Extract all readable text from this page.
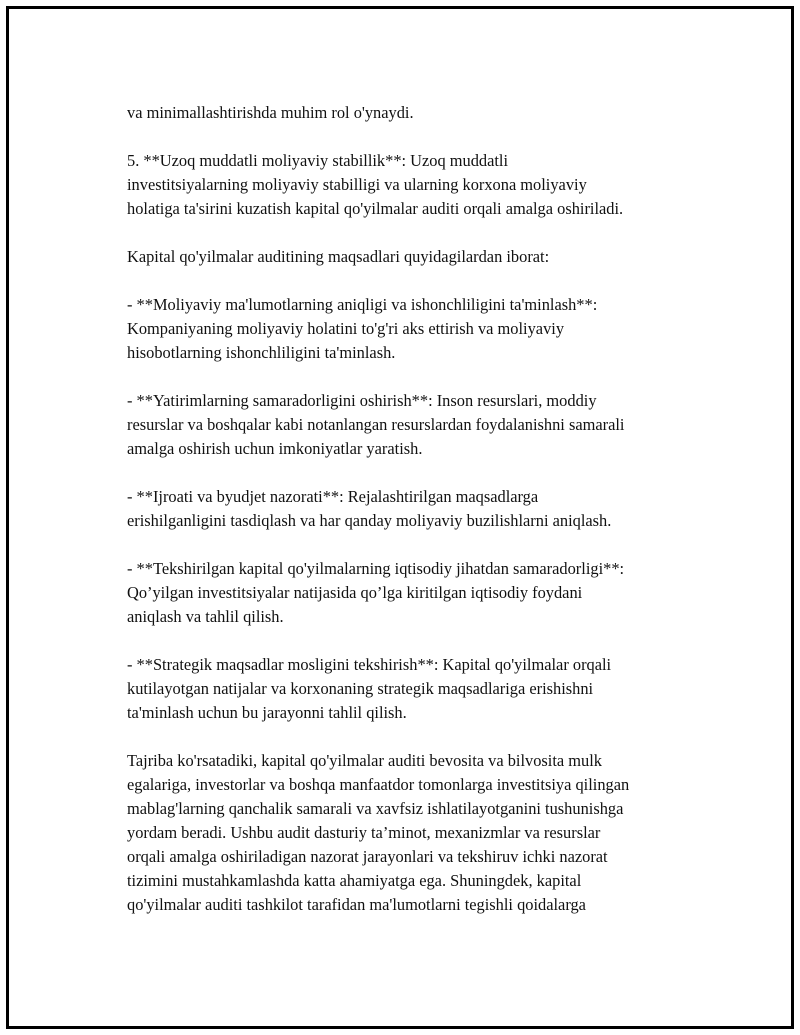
va minimallashtirishda muhim rol o'ynaydi.

5. **Uzoq muddatli moliyaviy stabillik**: Uzoq muddatli
investitsiyalarning moliyaviy stabilligi va ularning korxona moliyaviy
holatiga ta'sirini kuzatish kapital qo'yilmalar auditi orqali amalga oshiriladi.

Kapital qo'yilmalar auditining maqsadlari quyidagilardan iborat:

- **Moliyaviy ma'lumotlarning aniqligi va ishonchliligini ta'minlash**:
Kompaniyaning moliyaviy holatini to'g'ri aks ettirish va moliyaviy
hisobotlarning ishonchliligini ta'minlash.

- **Yatirimlarning samaradorligini oshirish**: Inson resurslari, moddiy
resurslar va boshqalar kabi notanlangan resurslardan foydalanishni samarali
amalga oshirish uchun imkoniyatlar yaratish.

- **Ijroati va byudjet nazorati**: Rejalashtirilgan maqsadlarga
erishilganligini tasdiqlash va har qanday moliyaviy buzilishlarni aniqlash.

- **Tekshirilgan kapital qo'yilmalarning iqtisodiy jihatdan samaradorligi**:
Qo’yilgan investitsiyalar natijasida qo’lga kiritilgan iqtisodiy foydani
aniqlash va tahlil qilish.

- **Strategik maqsadlar mosligini tekshirish**: Kapital qo'yilmalar orqali
kutilayotgan natijalar va korxonaning strategik maqsadlariga erishishni
ta'minlash uchun bu jarayonni tahlil qilish.

Tajriba ko'rsatadiki, kapital qo'yilmalar auditi bevosita va bilvosita mulk
egalariga, investorlar va boshqa manfaatdor tomonlarga investitsiya qilingan
mablag'larning qanchalik samarali va xavfsiz ishlatilayotganini tushunishga
yordam beradi. Ushbu audit dasturiy ta’minot, mexanizmlar va resurslar
orqali amalga oshiriladigan nazorat jarayonlari va tekshiruv ichki nazorat
tizimini mustahkamlashda katta ahamiyatga ega. Shuningdek, kapital
qo'yilmalar auditi tashkilot tarafidan ma'lumotlarni tegishli qoidalarga
